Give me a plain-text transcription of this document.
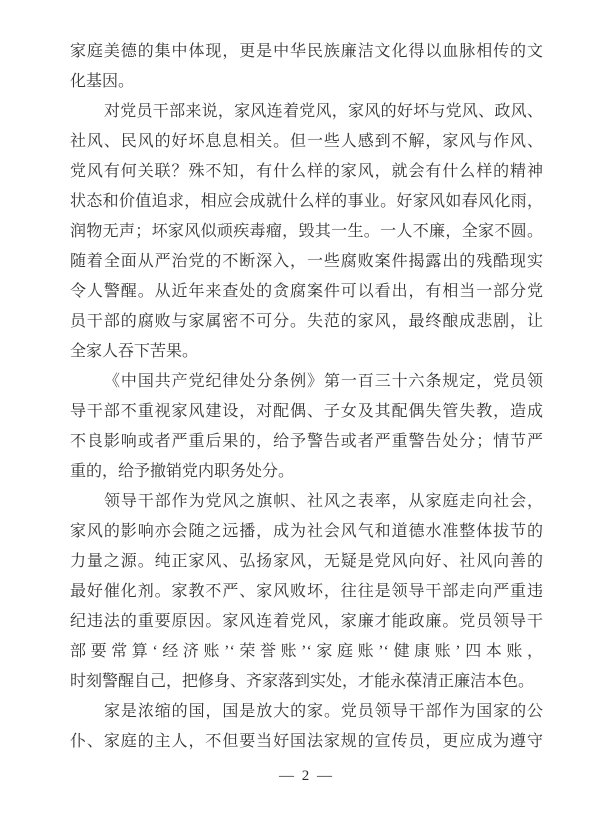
家庭美德的集中体现，更是中华民族廉洁文化得以血脉相传的文
化基因。
对党员干部来说，家风连着党风，家风的好坏与党风、政风、
社风、民风的好坏息息相关。但一些人感到不解，家风与作风、
党风有何关联？殊不知，有什么样的家风，就会有什么样的精神
状态和价值追求，相应会成就什么样的事业。好家风如春风化雨，
润物无声；坏家风似顽疾毒瘤，毁其一生。一人不廉，全家不圆。
随着全面从严治党的不断深入，一些腐败案件揭露出的残酷现实
令人警醒。从近年来查处的贪腐案件可以看出，有相当一部分党
员干部的腐败与家属密不可分。失范的家风，最终酿成悲剧，让
全家人吞下苦果。
《中国共产党纪律处分条例》第一百三十六条规定，党员领
导干部不重视家风建设，对配偶、子女及其配偶失管失教，造成
不良影响或者严重后果的，给予警告或者严重警告处分；情节严
重的，给予撤销党内职务处分。
领导干部作为党风之旗帜、社风之表率，从家庭走向社会，
家风的影响亦会随之远播，成为社会风气和道德水准整体拔节的
力量之源。纯正家风、弘扬家风，无疑是党风向好、社风向善的
最好催化剂。家教不严、家风败坏，往往是领导干部走向严重违
纪违法的重要原因。家风连着党风，家廉才能政廉。党员领导干
部要常算‘经济账’‘荣誉账’‘家庭账’‘健康账’四本账，
时刻警醒自己，把修身、齐家落到实处，才能永葆清正廉洁本色。
家是浓缩的国，国是放大的家。党员领导干部作为国家的公
仆、家庭的主人，不但要当好国法家规的宣传员，更应成为遵守
— 2 —
